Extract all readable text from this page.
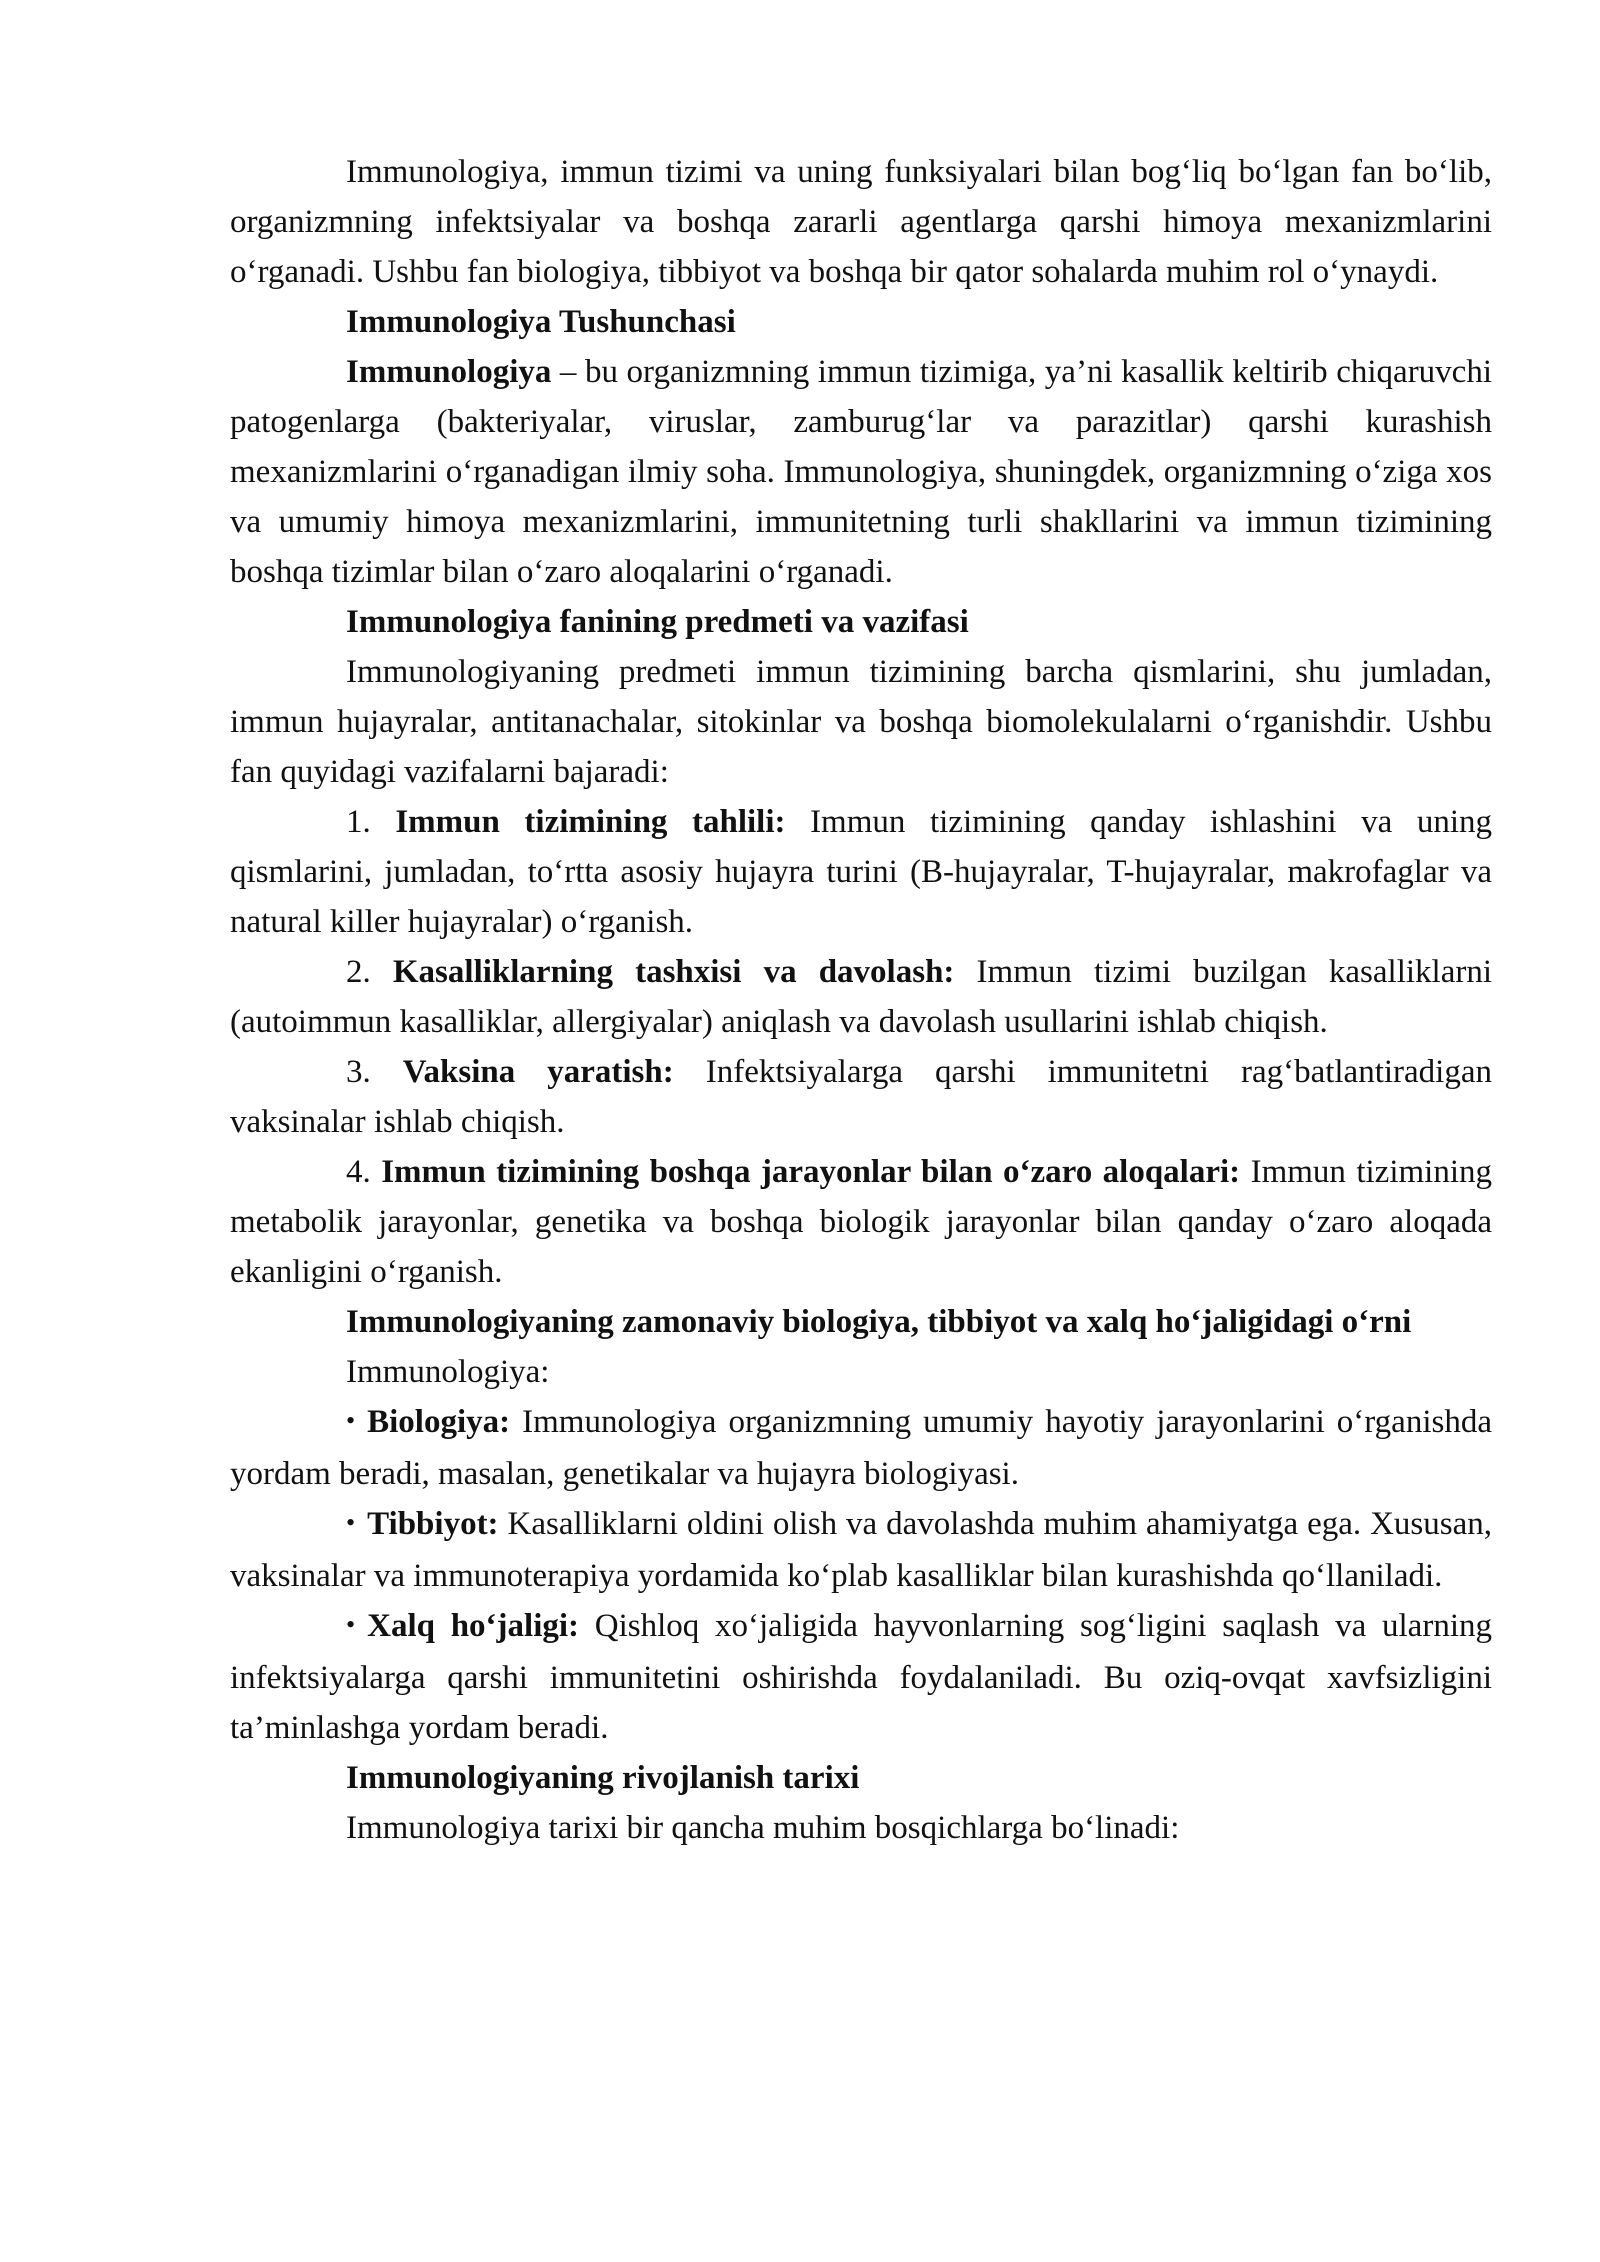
Immunologiya, immun tizimi va uning funksiyalari bilan bog‘liq bo‘lgan fan bo‘lib, organizmning infektsiyalar va boshqa zararli agentlarga qarshi himoya mexanizmlarini o‘rganadi. Ushbu fan biologiya, tibbiyot va boshqa bir qator sohalarda muhim rol o‘ynaydi.

Immunologiya Tushunchasi

Immunologiya – bu organizmning immun tizimiga, ya’ni kasallik keltirib chiqaruvchi patogenlarga (bakteriyalar, viruslar, zamburug‘lar va parazitlar) qarshi kurashish mexanizmlarini o‘rganadigan ilmiy soha. Immunologiya, shuningdek, organizmning o‘ziga xos va umumiy himoya mexanizmlarini, immunitetning turli shakllarini va immun tizimining boshqa tizimlar bilan o‘zaro aloqalarini o‘rganadi.

Immunologiya fanining predmeti va vazifasi

Immunologiyaning predmeti immun tizimining barcha qismlarini, shu jumladan, immun hujayralar, antitanachalar, sitokinlar va boshqa biomolekulalarni o‘rganishdir. Ushbu fan quyidagi vazifalarni bajaradi:

1. Immun tizimining tahlili: Immun tizimining qanday ishlashini va uning qismlarini, jumladan, to‘rtta asosiy hujayra turini (B-hujayralar, T-hujayralar, makrofaglar va natural killer hujayralar) o‘rganish.

2. Kasalliklarning tashxisi va davolash: Immun tizimi buzilgan kasalliklarni (autoimmun kasalliklar, allergiyalar) aniqlash va davolash usullarini ishlab chiqish.

3. Vaksina yaratish: Infektsiyalarga qarshi immunitetni rag‘batlantiradigan vaksinalar ishlab chiqish.

4. Immun tizimining boshqa jarayonlar bilan o‘zaro aloqalari: Immun tizimining metabolik jarayonlar, genetika va boshqa biologik jarayonlar bilan qanday o‘zaro aloqada ekanligini o‘rganish.

Immunologiyaning zamonaviy biologiya, tibbiyot va xalq ho‘jaligidagi o‘rni

Immunologiya:

• Biologiya: Immunologiya organizmning umumiy hayotiy jarayonlarini o‘rganishda yordam beradi, masalan, genetikalar va hujayra biologiyasi.

• Tibbiyot: Kasalliklarni oldini olish va davolashda muhim ahamiyatga ega. Xususan, vaksinalar va immunoterapiya yordamida ko‘plab kasalliklar bilan kurashishda qo‘llaniladi.

• Xalq ho‘jaligi: Qishloq xo‘jaligida hayvonlarning sog‘ligini saqlash va ularning infektsiyalarga qarshi immunitetini oshirishda foydalaniladi. Bu oziq-ovqat xavfsizligini ta’minlashga yordam beradi.

Immunologiyaning rivojlanish tarixi

Immunologiya tarixi bir qancha muhim bosqichlarga bo‘linadi:
